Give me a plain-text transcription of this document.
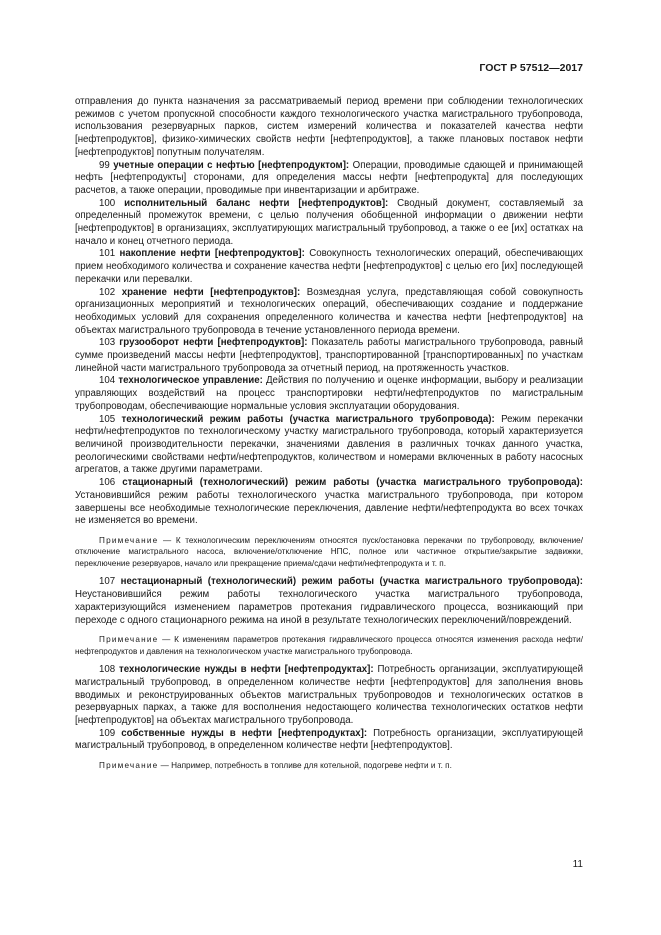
ГОСТ Р 57512—2017

отправления до пункта назначения за рассматриваемый период времени при соблюдении технологических режимов с учетом пропускной способности каждого технологического участка магистрального трубопровода, использования резервуарных парков, систем измерений количества и показателей качества нефти [нефтепродуктов], физико-химических свойств нефти [нефтепродуктов], а также плановых поставок нефти [нефтепродуктов] попутным получателям.

99 учетные операции с нефтью [нефтепродуктом]: Операции, проводимые сдающей и принимающей нефть [нефтепродукты] сторонами, для определения массы нефти [нефтепродукта] для последующих расчетов, а также операции, проводимые при инвентаризации и арбитраже.

100 исполнительный баланс нефти [нефтепродуктов]: Сводный документ, составляемый за определенный промежуток времени, с целью получения обобщенной информации о движении нефти [нефтепродуктов] в организациях, эксплуатирующих магистральный трубопровод, а также о ее [их] остатках на начало и конец отчетного периода.

101 накопление нефти [нефтепродуктов]: Совокупность технологических операций, обеспечивающих прием необходимого количества и сохранение качества нефти [нефтепродуктов] с целью его [их] последующей перекачки или перевалки.

102 хранение нефти [нефтепродуктов]: Возмездная услуга, представляющая собой совокупность организационных мероприятий и технологических операций, обеспечивающих создание и поддержание необходимых условий для сохранения определенного количества и качества нефти [нефтепродуктов] на объектах магистрального трубопровода в течение установленного периода времени.

103 грузооборот нефти [нефтепродуктов]: Показатель работы магистрального трубопровода, равный сумме произведений массы нефти [нефтепродуктов], транспортированной [транспортированных] по участкам линейной части магистрального трубопровода за отчетный период, на протяженность участков.

104 технологическое управление: Действия по получению и оценке информации, выбору и реализации управляющих воздействий на процесс транспортировки нефти/нефтепродуктов по магистральным трубопроводам, обеспечивающие нормальные условия эксплуатации оборудования.

105 технологический режим работы (участка магистрального трубопровода): Режим перекачки нефти/нефтепродуктов по технологическому участку магистрального трубопровода, который характеризуется величиной производительности перекачки, значениями давления в различных точках данного участка, реологическими свойствами нефти/нефтепродуктов, количеством и номерами включенных в работу насосных агрегатов, а также другими параметрами.

106 стационарный (технологический) режим работы (участка магистрального трубопровода): Установившийся режим работы технологического участка магистрального трубопровода, при котором завершены все необходимые технологические переключения, давление нефти/нефтепродукта во всех точках не изменяется во времени.

Примечание — К технологическим переключениям относятся пуск/остановка перекачки по трубопроводу, включение/отключение магистрального насоса, включение/отключение НПС, полное или частичное открытие/закрытие задвижки, переключение резервуаров, начало или прекращение приема/сдачи нефти/нефтепродукта и т. п.

107 нестационарный (технологический) режим работы (участка магистрального трубопровода): Неустановившийся режим работы технологического участка магистрального трубопровода, характеризующийся изменением параметров протекания гидравлического процесса, возникающий при переходе с одного стационарного режима на иной в результате технологических переключений/повреждений.

Примечание — К изменениям параметров протекания гидравлического процесса относятся изменения расхода нефти/нефтепродуктов и давления на технологическом участке магистрального трубопровода.

108 технологические нужды в нефти [нефтепродуктах]: Потребность организации, эксплуатирующей магистральный трубопровод, в определенном количестве нефти [нефтепродуктов] для заполнения вновь вводимых и реконструированных объектов магистральных трубопроводов и технологических остатков в резервуарных парках, а также для восполнения недостающего количества технологических остатков нефти [нефтепродуктов] на объектах магистрального трубопровода.

109 собственные нужды в нефти [нефтепродуктах]: Потребность организации, эксплуатирующей магистральный трубопровод, в определенном количестве нефти [нефтепродуктов].

Примечание — Например, потребность в топливе для котельной, подогреве нефти и т. п.

11
